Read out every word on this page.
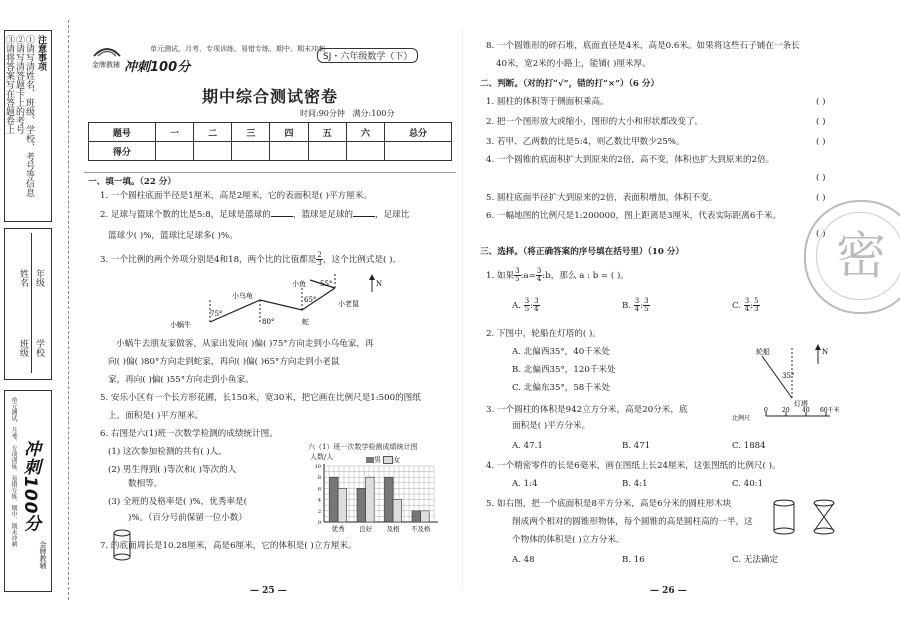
注意事项
①请写清姓名、班级、学校、考号等信息
②请写清答题卡上的考号
③请将答案写在答题卷上
学校
班级
年级
姓名
单元测试、月考、专项训练、易错专练、期中、期末冲刺
金牌教辅
冲刺100分
金牌教辅 冲刺100分
单元测试、月考、专项训练、易错专练、期中、期末冲刺
SJ・六年级数学（下）
期中综合测试密卷
时间:90分钟 满分:100分
题号	一	二	三	四	五	六	总分
得分							
一、填一填。（22 分）
1. 一个圆柱底面半径是1厘米，高是2厘米，它的表面积是( )平方厘米。
2. 足球与篮球个数的比是5:8，足球是篮球的	，篮球是足球的	，足球比
篮球少( )%，篮球比足球多( )%。
3. 一个比例的两个外项分别是4和18，两个比的比值都是 $\frac{2}{3}$ ，这个比例式是( )。
小蜗牛
小乌龟
小鱼
蛇
小老鼠
N
75°
80°
55°
65°
小蜗牛去朋友家做客，从家出发向( )偏( )75°方向走到小乌龟家，再
向( )偏( )80°方向走到蛇家，再向( )偏( )65°方向走到小老鼠
家，再向( )偏( )55°方向走到小鱼家。
5. 安乐小区有一个长方形花圃，长150米，宽30米，把它画在比例尺是1:500的图纸
上，面积是( )平方厘米。
6. 右图是六(1)班一次数学检测的成绩统计图。
(1) 这次参加检测的共有( )人。
(2) 男生得到( )等次和( )等次的人
数相等。
(3) 全班的及格率是( )%，优秀率是(
)%。（百分号前保留一位小数）
7. 的底面周长是10.28厘米，高是6厘米，它的体积是( )立方厘米。
六（1）班一次数学检测成绩统计图
人数/人	男 女
0
2
4
6
8
10
优秀 良好 及格 不及格
— 25 —
8. 一个圆锥形的碎石堆，底面直径是4米，高是0.6米。如果将这些石子铺在一条长
40米，宽2米的小路上，能铺( )厘米厚。
二、判断。（对的打“√”，错的打“×”）（6 分）
1. 圆柱的体积等于侧面积乘高。	( )
2. 把一个图形放大或缩小，图形的大小和形状都改变了。	( )
3. 若甲、乙两数的比是5:4，则乙数比甲数少25%。	( )
4. 一个圆锥的底面积扩大到原来的2倍，高不变，体积也扩大到原来的2倍。
( )
5. 圆柱底面半径扩大到原来的2倍，表面积增加，体积不变。	( )
6. 一幅地图的比例尺是1:200000，图上距离是3厘米，代表实际距离6千米。
( )
三、选择。（将正确答案的序号填在括号里）（10 分）
1. 如果 $\frac{3}{5}$ :a= $\frac{3}{4}$ :b，那么 a : b = ( )。
A. $\frac{3}{5}$ : $\frac{3}{4}$	B. $\frac{3}{4}$ : $\frac{3}{5}$	C. $\frac{3}{4}$ : $\frac{5}{3}$
2. 下图中，轮船在灯塔的( )。
A. 北偏西35°，40千米处
B. 北偏西35°，120千米处
C. 北偏东35°，58千米处
N
轮船
35°
灯塔
比例尺
0 20 40 60千米
3. 一个圆柱的体积是942立方分米，高是20分米，底
面积是( )平方分米。
A. 47.1	B. 471	C. 1884
4. 一个精密零件的长是6毫米，画在图纸上长24厘米，这张图纸的比例尺( )。
A. 1:4	B. 4:1	C. 40:1
5. 如右图，把一个底面积是8平方分米，高是6分米的圆柱形木块
削成两个相对的圆锥形物体，每个圆锥的高是圆柱高的一半，这
个物体的体积是( )立方分米。
A. 48	B. 16	C. 无法确定
密
— 26 —
